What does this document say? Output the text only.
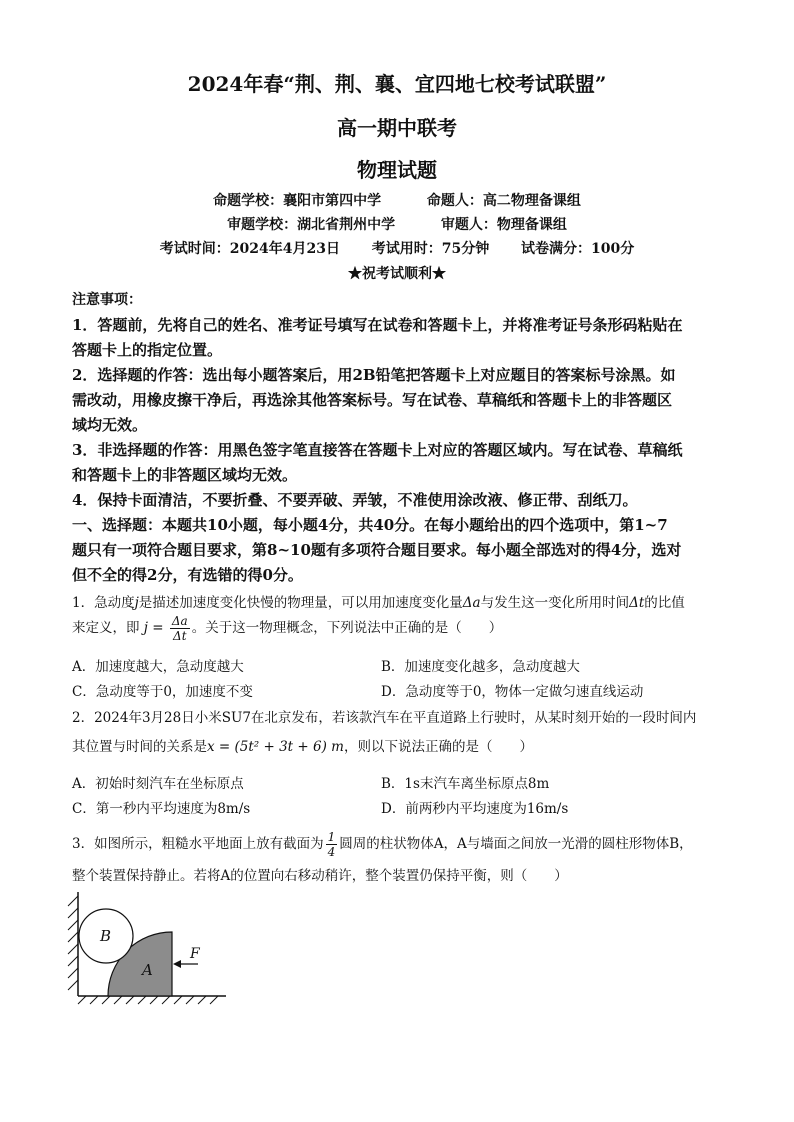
2024年春“荆、荆、襄、宜四地七校考试联盟”
高一期中联考
物理试题
命题学校：襄阳市第四中学	命题人：高二物理备课组
审题学校：湖北省荆州中学	审题人：物理备课组
考试时间：2024年4月23日 考试用时：75分钟 试卷满分：100分
★祝考试顺利★
注意事项：
1．答题前，先将自己的姓名、准考证号填写在试卷和答题卡上，并将准考证号条形码粘贴在
答题卡上的指定位置。
2．选择题的作答：选出每小题答案后，用2B铅笔把答题卡上对应题目的答案标号涂黑。如
需改动，用橡皮擦干净后，再选涂其他答案标号。写在试卷、草稿纸和答题卡上的非答题区
域均无效。
3．非选择题的作答：用黑色签字笔直接答在答题卡上对应的答题区域内。写在试卷、草稿纸
和答题卡上的非答题区域均无效。
4．保持卡面清洁，不要折叠、不要弄破、弄皱，不准使用涂改液、修正带、刮纸刀。
一、选择题：本题共10小题，每小题4分，共40分。在每小题给出的四个选项中，第1~7
题只有一项符合题目要求，第8~10题有多项符合题目要求。每小题全部选对的得4分，选对
但不全的得2分，有选错的得0分。
1．急动度j是描述加速度变化快慢的物理量，可以用加速度变化量Δa与发生这一变化所用时间Δt的比值
来定义，即 $j = \frac{\Delta a}{\Delta t}$ 。关于这一物理概念，下列说法中正确的是（　　）
A．加速度越大，急动度越大	B．加速度变化越多，急动度越大
C．急动度等于0，加速度不变	D．急动度等于0，物体一定做匀速直线运动
2．2024年3月28日小米SU7在北京发布，若该款汽车在平直道路上行驶时，从某时刻开始的一段时间内
其位置与时间的关系是x = (5t² + 3t + 6) m，则以下说法正确的是（　　）
A．初始时刻汽车在坐标原点	B．1s末汽车离坐标原点8m
C．第一秒内平均速度为8m/s	D．前两秒内平均速度为16m/s
3．如图所示，粗糙水平地面上放有截面为 $\frac{1}{4}$ 圆周的柱状物体A，A与墙面之间放一光滑的圆柱形物体B，
整个装置保持静止。若将A的位置向右移动稍许，整个装置仍保持平衡，则（　　）
B
A
F
